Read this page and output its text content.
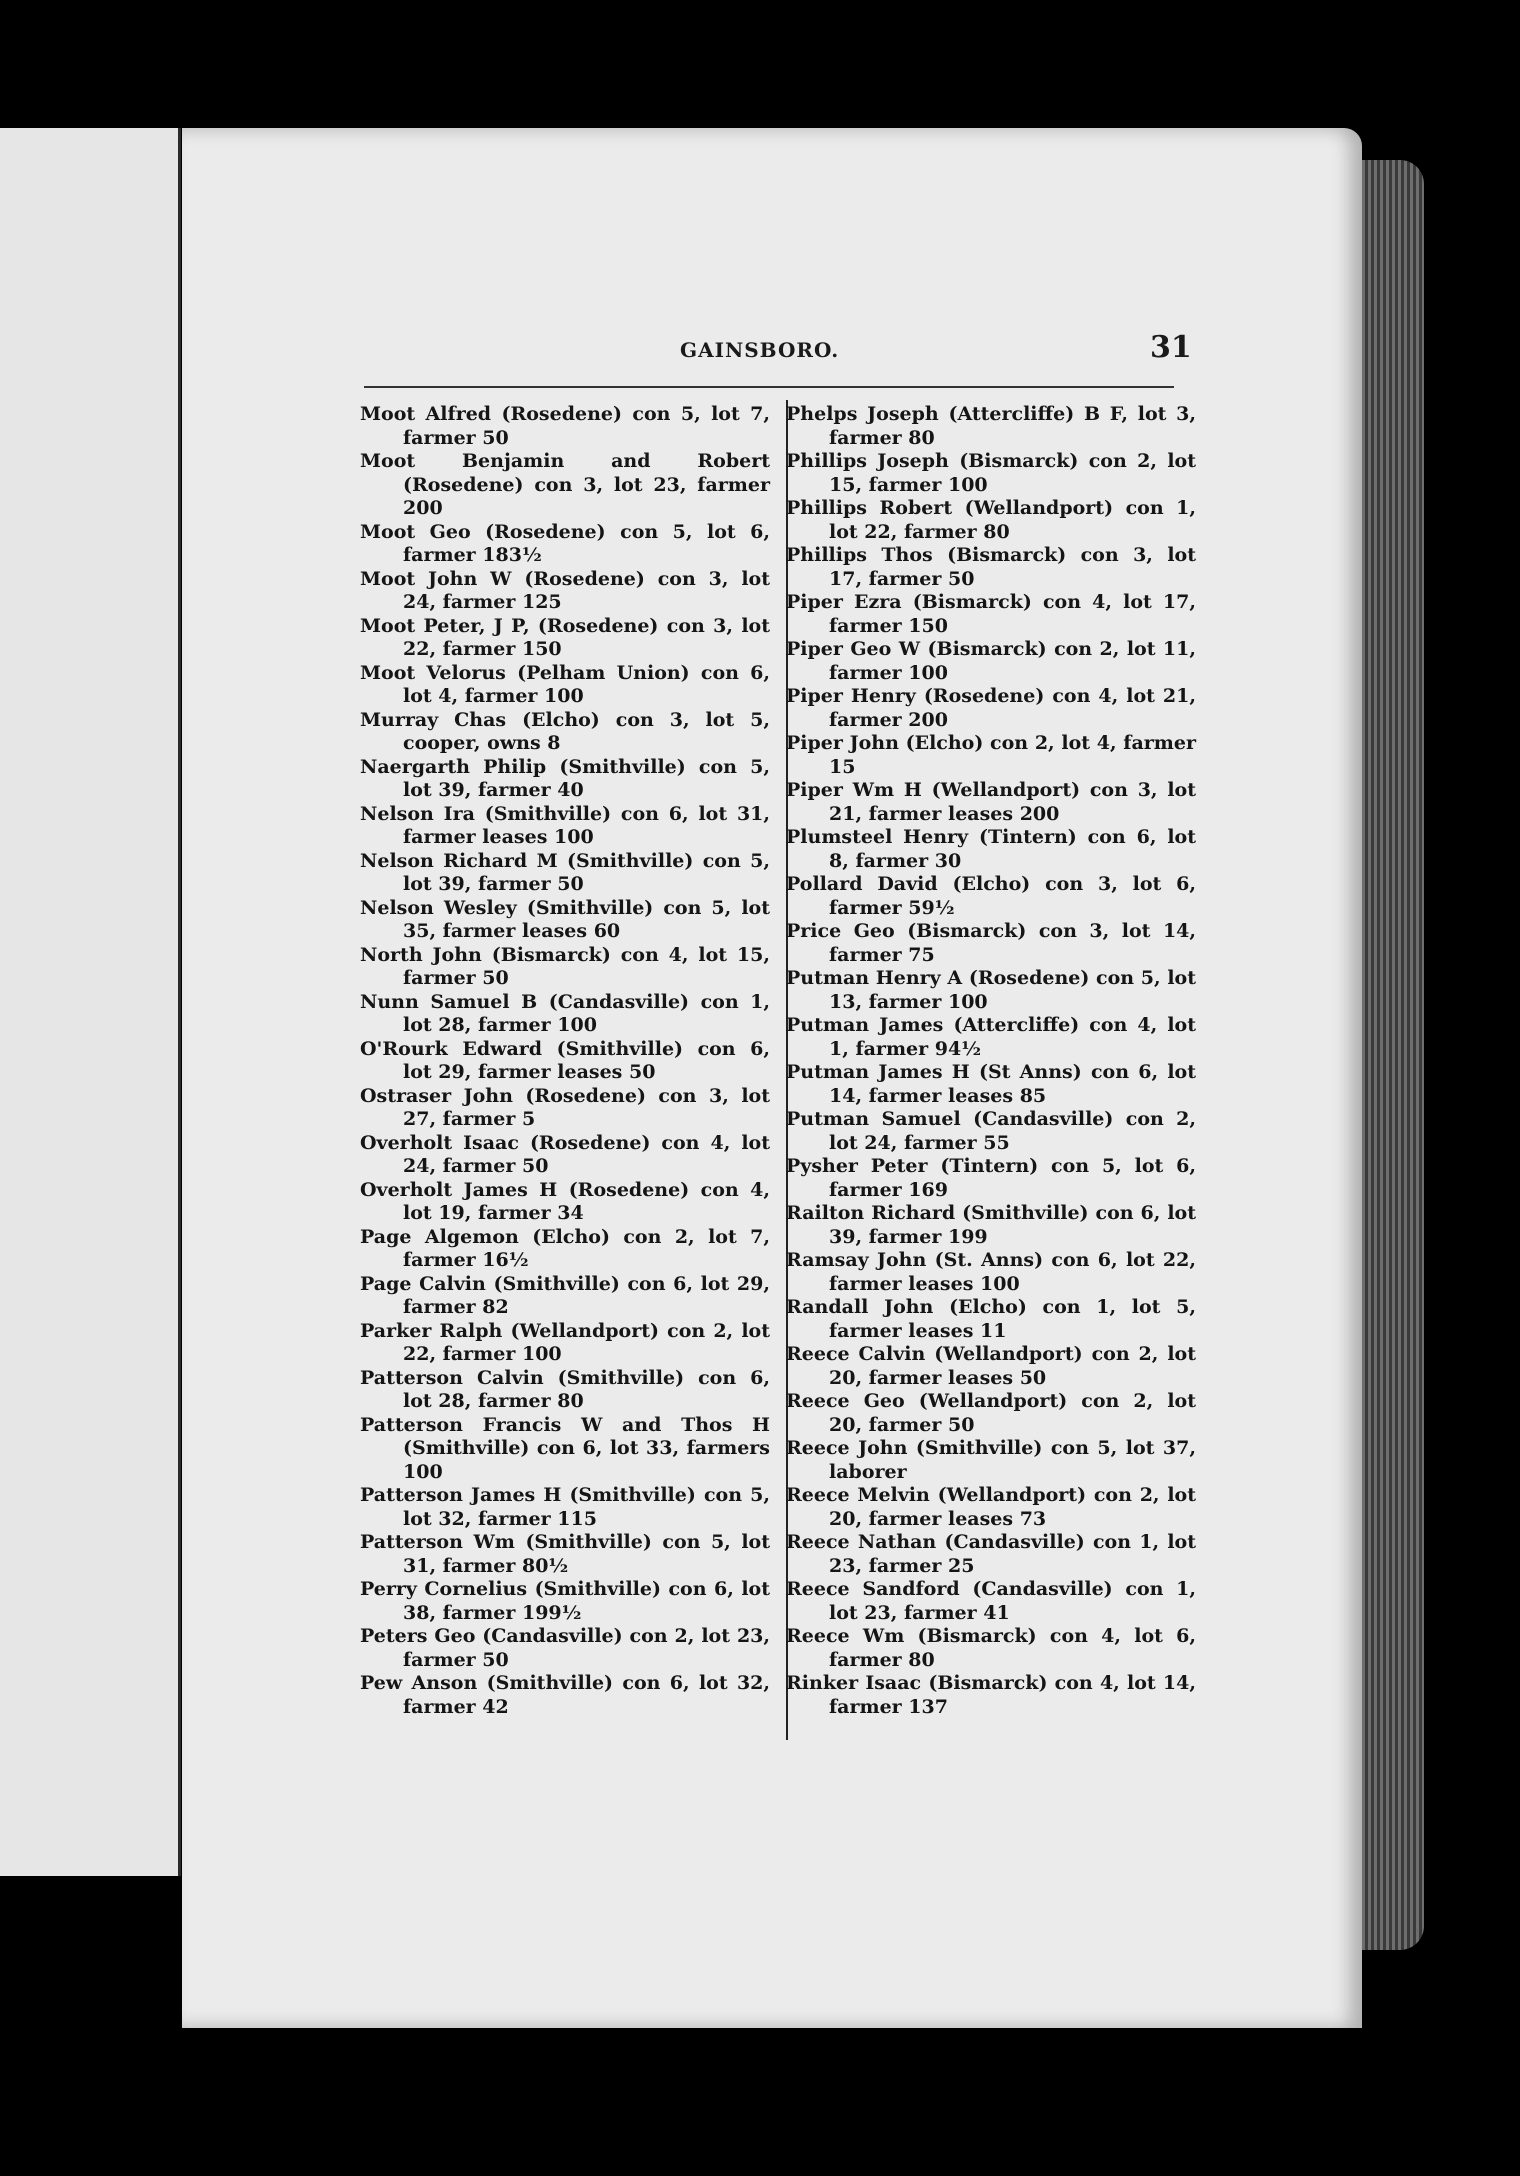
GAINSBORO.	31

Moot Alfred (Rosedene) con 5, lot 7, farmer 50

Moot Benjamin and Robert (Rosedene) con 3, lot 23, farmer 200

Moot Geo (Rosedene) con 5, lot 6, farmer 183½

Moot John W (Rosedene) con 3, lot 24, farmer 125

Moot Peter, J P, (Rosedene) con 3, lot 22, farmer 150

Moot Velorus (Pelham Union) con 6, lot 4, farmer 100

Murray Chas (Elcho) con 3, lot 5, cooper, owns 8

Naergarth Philip (Smithville) con 5, lot 39, farmer 40

Nelson Ira (Smithville) con 6, lot 31, farmer leases 100

Nelson Richard M (Smithville) con 5, lot 39, farmer 50

Nelson Wesley (Smithville) con 5, lot 35, farmer leases 60

North John (Bismarck) con 4, lot 15, farmer 50

Nunn Samuel B (Candasville) con 1, lot 28, farmer 100

O'Rourk Edward (Smithville) con 6, lot 29, farmer leases 50

Ostraser John (Rosedene) con 3, lot 27, farmer 5

Overholt Isaac (Rosedene) con 4, lot 24, farmer 50

Overholt James H (Rosedene) con 4, lot 19, farmer 34

Page Algemon (Elcho) con 2, lot 7, farmer 16½

Page Calvin (Smithville) con 6, lot 29, farmer 82

Parker Ralph (Wellandport) con 2, lot 22, farmer 100

Patterson Calvin (Smithville) con 6, lot 28, farmer 80

Patterson Francis W and Thos H (Smithville) con 6, lot 33, farmers 100

Patterson James H (Smithville) con 5, lot 32, farmer 115

Patterson Wm (Smithville) con 5, lot 31, farmer 80½

Perry Cornelius (Smithville) con 6, lot 38, farmer 199½

Peters Geo (Candasville) con 2, lot 23, farmer 50

Pew Anson (Smithville) con 6, lot 32, farmer 42

Phelps Joseph (Attercliffe) B F, lot 3, farmer 80

Phillips Joseph (Bismarck) con 2, lot 15, farmer 100

Phillips Robert (Wellandport) con 1, lot 22, farmer 80

Phillips Thos (Bismarck) con 3, lot 17, farmer 50

Piper Ezra (Bismarck) con 4, lot 17, farmer 150

Piper Geo W (Bismarck) con 2, lot 11, farmer 100

Piper Henry (Rosedene) con 4, lot 21, farmer 200

Piper John (Elcho) con 2, lot 4, farmer 15

Piper Wm H (Wellandport) con 3, lot 21, farmer leases 200

Plumsteel Henry (Tintern) con 6, lot 8, farmer 30

Pollard David (Elcho) con 3, lot 6, farmer 59½

Price Geo (Bismarck) con 3, lot 14, farmer 75

Putman Henry A (Rosedene) con 5, lot 13, farmer 100

Putman James (Attercliffe) con 4, lot 1, farmer 94½

Putman James H (St Anns) con 6, lot 14, farmer leases 85

Putman Samuel (Candasville) con 2, lot 24, farmer 55

Pysher Peter (Tintern) con 5, lot 6, farmer 169

Railton Richard (Smithville) con 6, lot 39, farmer 199

Ramsay John (St. Anns) con 6, lot 22, farmer leases 100

Randall John (Elcho) con 1, lot 5, farmer leases 11

Reece Calvin (Wellandport) con 2, lot 20, farmer leases 50

Reece Geo (Wellandport) con 2, lot 20, farmer 50

Reece John (Smithville) con 5, lot 37, laborer

Reece Melvin (Wellandport) con 2, lot 20, farmer leases 73

Reece Nathan (Candasville) con 1, lot 23, farmer 25

Reece Sandford (Candasville) con 1, lot 23, farmer 41

Reece Wm (Bismarck) con 4, lot 6, farmer 80

Rinker Isaac (Bismarck) con 4, lot 14, farmer 137
